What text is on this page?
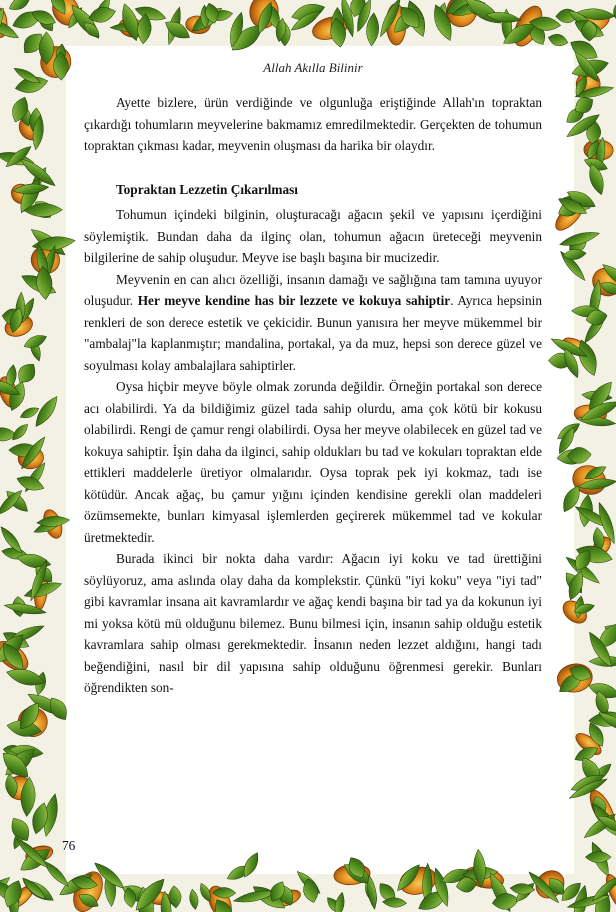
Allah Akılla Bilinir

Ayette bizlere, ürün verdiğinde ve olgunluğa eriştiğinde Allah'ın topraktan çıkardığı tohumların meyvelerine bakmamız emredilmektedir. Gerçekten de tohumun topraktan çıkması kadar, meyvenin oluşması da harika bir olaydır.

Topraktan Lezzetin Çıkarılması

Tohumun içindeki bilginin, oluşturacağı ağacın şekil ve yapısını içerdiğini söylemiştik. Bundan daha da ilginç olan, tohumun ağacın üreteceği meyvenin bilgilerine de sahip oluşudur. Meyve ise başlı başına bir mucizedir.

Meyvenin en can alıcı özelliği, insanın damağı ve sağlığına tam tamına uyuyor oluşudur. Her meyve kendine has bir lezzete ve kokuya sahiptir. Ayrıca hepsinin renkleri de son derece estetik ve çekicidir. Bunun yanısıra her meyve mükemmel bir "ambalaj"la kaplanmıştır; mandalina, portakal, ya da muz, hepsi son derece güzel ve soyulması kolay ambalajlara sahiptirler.

Oysa hiçbir meyve böyle olmak zorunda değildir. Örneğin portakal son derece acı olabilirdi. Ya da bildiğimiz güzel tada sahip olurdu, ama çok kötü bir kokusu olabilirdi. Rengi de çamur rengi olabilirdi. Oysa her meyve olabilecek en güzel tad ve kokuya sahiptir. İşin daha da ilginci, sahip oldukları bu tad ve kokuları topraktan elde ettikleri maddelerle üretiyor olmalarıdır. Oysa toprak pek iyi kokmaz, tadı ise kötüdür. Ancak ağaç, bu çamur yığını içinden kendisine gerekli olan maddeleri özümsemekte, bunları kimyasal işlemlerden geçirerek mükemmel tad ve kokular üretmektedir.

Burada ikinci bir nokta daha vardır: Ağacın iyi koku ve tad ürettiğini söylüyoruz, ama aslında olay daha da komplekstir. Çünkü "iyi koku" veya "iyi tad" gibi kavramlar insana ait kavramlardır ve ağaç kendi başına bir tad ya da kokunun iyi mi yoksa kötü mü olduğunu bilemez. Bunu bilmesi için, insanın sahip olduğu estetik kavramlara sahip olması gerekmektedir. İnsanın neden lezzet aldığını, hangi tadı beğendiğini, nasıl bir dil yapısına sahip olduğunu öğrenmesi gerekir. Bunları öğrendikten son-

76
